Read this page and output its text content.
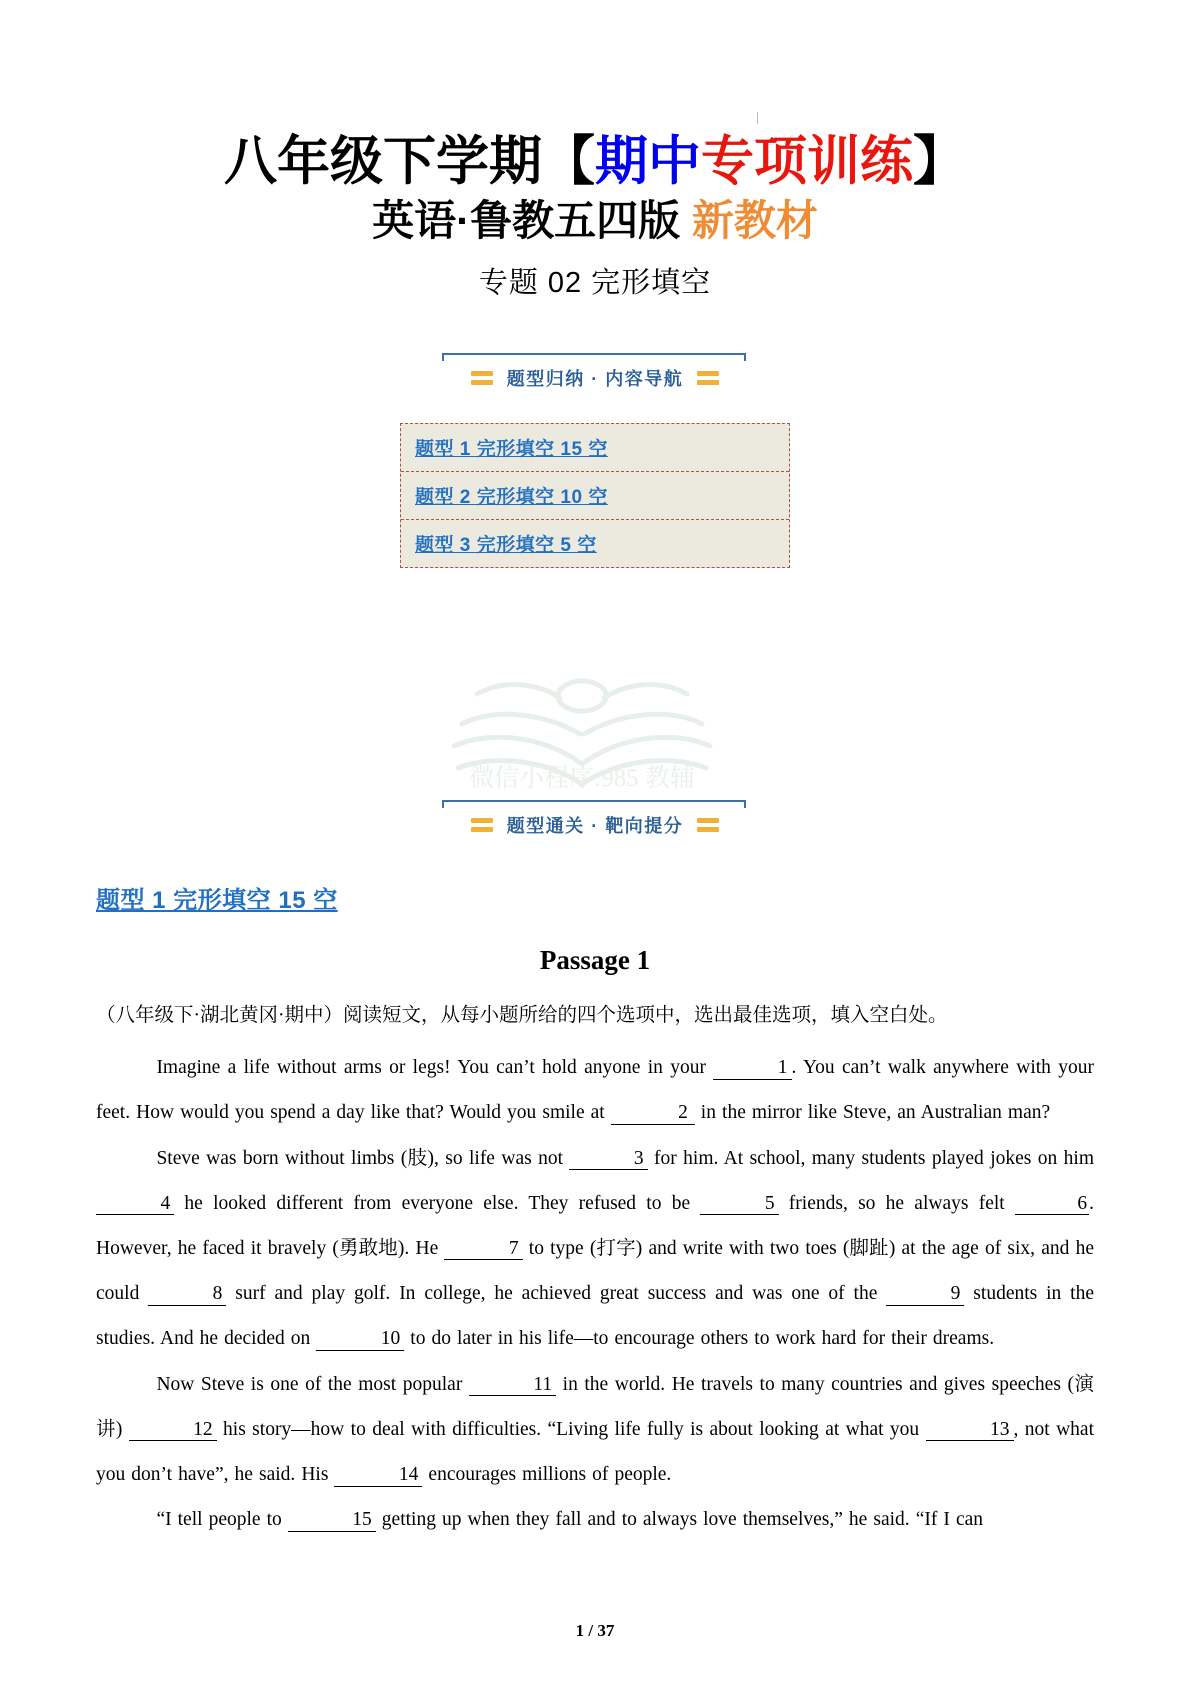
八年级下学期【期中专项训练】
英语·鲁教五四版 新教材
专题 02 完形填空
题型归纳 · 内容导航
题型 1 完形填空 15 空
题型 2 完形填空 10 空
题型 3 完形填空 5 空
题型通关 · 靶向提分
微信小程序:985 教辅
题型 1 完形填空 15 空
Passage 1
（八年级下·湖北黄冈·期中）阅读短文，从每小题所给的四个选项中，选出最佳选项，填入空白处。

Imagine a life without arms or legs! You can’t hold anyone in your	1 . You can’t walk anywhere with your feet. How would you spend a day like that? Would you smile at	2 in the mirror like Steve, an Australian man?

Steve was born without limbs (肢), so life was not	3 for him. At school, many students played jokes on him 4 he looked different from everyone else. They refused to be	5 friends, so he always felt	6 . However, he faced it bravely (勇敢地). He	7 to type (打字) and write with two toes (脚趾) at the age of six, and he could	8 surf and play golf. In college, he achieved great success and was one of the	9 students in the studies. And he decided on	10 to do later in his life—to encourage others to work hard for their dreams.

Now Steve is one of the most popular	11 in the world. He travels to many countries and gives speeches (演讲)	12 his story—how to deal with difficulties. “Living life fully is about looking at what you	13 , not what you don’t have”, he said. His	14 encourages millions of people.

“I tell people to	15 getting up when they fall and to always love themselves,” he said. “If I can

1 / 37
